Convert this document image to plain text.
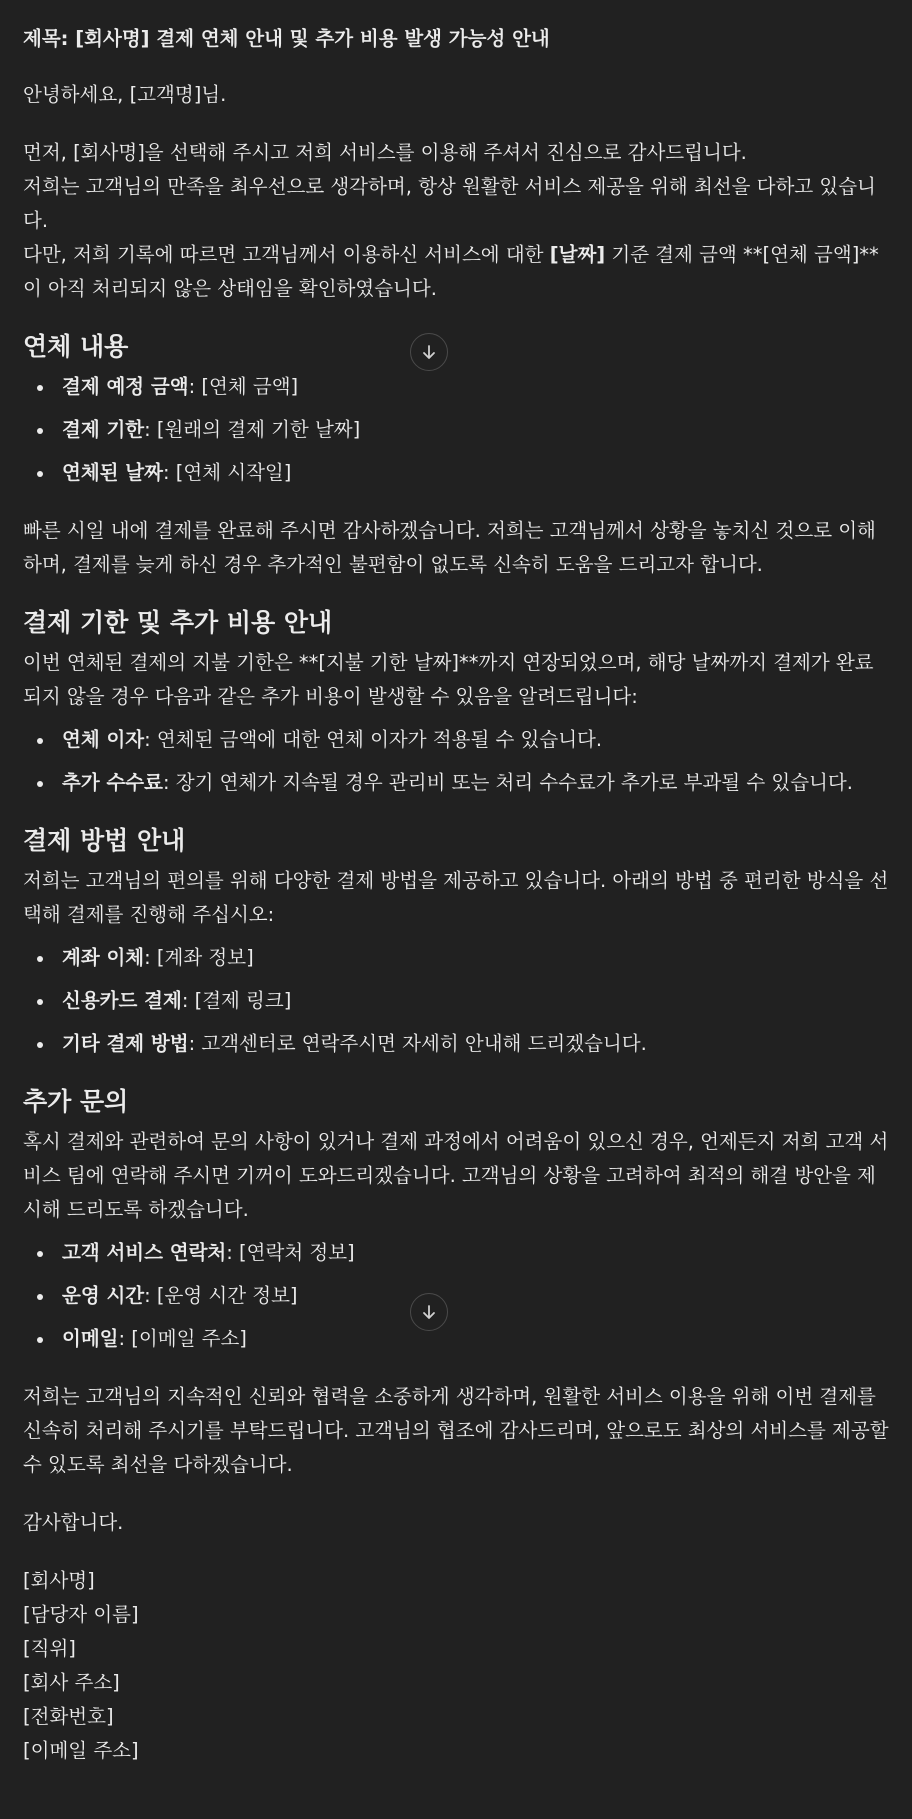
제목: [회사명] 결제 연체 안내 및 추가 비용 발생 가능성 안내

안녕하세요, [고객명]님.

먼저, [회사명]을 선택해 주시고 저희 서비스를 이용해 주셔서 진심으로 감사드립니다.
저희는 고객님의 만족을 최우선으로 생각하며, 항상 원활한 서비스 제공을 위해 최선을 다하고 있습니다.
다만, 저희 기록에 따르면 고객님께서 이용하신 서비스에 대한 [날짜] 기준 결제 금액 **[연체 금액]**이 아직 처리되지 않은 상태임을 확인하였습니다.

연체 내용
결제 예정 금액: [연체 금액]
결제 기한: [원래의 결제 기한 날짜]
연체된 날짜: [연체 시작일]

빠른 시일 내에 결제를 완료해 주시면 감사하겠습니다. 저희는 고객님께서 상황을 놓치신 것으로 이해하며, 결제를 늦게 하신 경우 추가적인 불편함이 없도록 신속히 도움을 드리고자 합니다.

결제 기한 및 추가 비용 안내

이번 연체된 결제의 지불 기한은 **[지불 기한 날짜]**까지 연장되었으며, 해당 날짜까지 결제가 완료되지 않을 경우 다음과 같은 추가 비용이 발생할 수 있음을 알려드립니다:

연체 이자: 연체된 금액에 대한 연체 이자가 적용될 수 있습니다.
추가 수수료: 장기 연체가 지속될 경우 관리비 또는 처리 수수료가 추가로 부과될 수 있습니다.
결제 방법 안내

저희는 고객님의 편의를 위해 다양한 결제 방법을 제공하고 있습니다. 아래의 방법 중 편리한 방식을 선택해 결제를 진행해 주십시오:

계좌 이체: [계좌 정보]
신용카드 결제: [결제 링크]
기타 결제 방법: 고객센터로 연락주시면 자세히 안내해 드리겠습니다.
추가 문의

혹시 결제와 관련하여 문의 사항이 있거나 결제 과정에서 어려움이 있으신 경우, 언제든지 저희 고객 서비스 팀에 연락해 주시면 기꺼이 도와드리겠습니다. 고객님의 상황을 고려하여 최적의 해결 방안을 제시해 드리도록 하겠습니다.

고객 서비스 연락처: [연락처 정보]
운영 시간: [운영 시간 정보]
이메일: [이메일 주소]

저희는 고객님의 지속적인 신뢰와 협력을 소중하게 생각하며, 원활한 서비스 이용을 위해 이번 결제를 신속히 처리해 주시기를 부탁드립니다. 고객님의 협조에 감사드리며, 앞으로도 최상의 서비스를 제공할 수 있도록 최선을 다하겠습니다.

감사합니다.

[회사명]
[담당자 이름]
[직위]
[회사 주소]
[전화번호]
[이메일 주소]
